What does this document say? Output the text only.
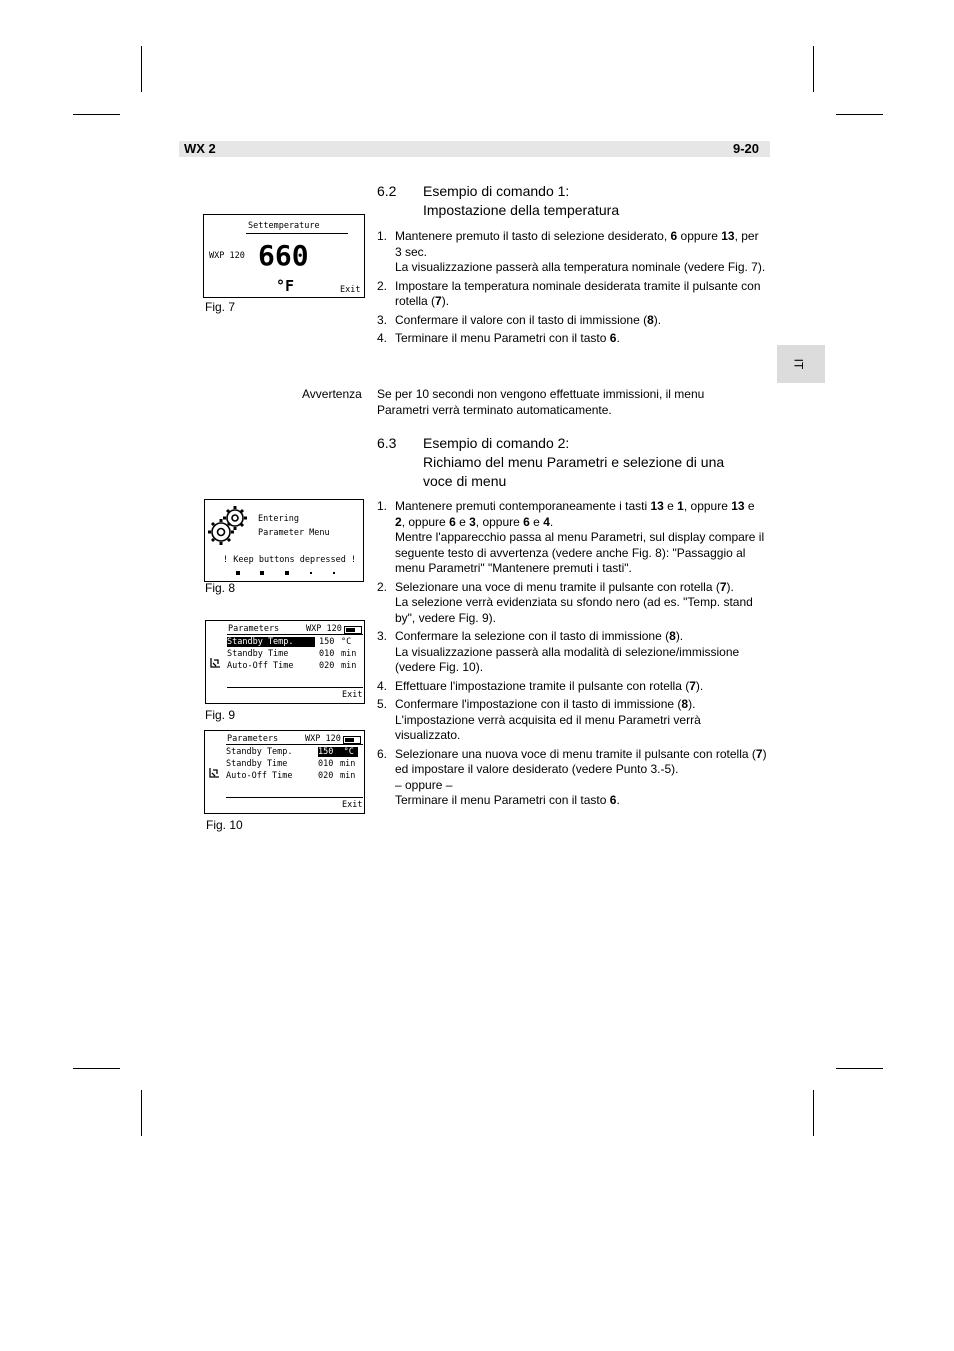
WX 2	9-20
IT
6.2 Esempio di comando 1:
Impostazione della temperatura
1. Mantenere premuto il tasto di selezione desiderato, 6 oppure 13, per 3 sec.
La visualizzazione passerà alla temperatura nominale (vedere Fig. 7).
2. Impostare la temperatura nominale desiderata tramite il pulsante con rotella (7).
3. Confermare il valore con il tasto di immissione (8).
4. Terminare il menu Parametri con il tasto 6.
Settemperature
WXP 120 660
°F	Exit
Fig. 7
Avvertenza Se per 10 secondi non vengono effettuate immissioni, il menu Parametri verrà terminato automaticamente.
6.3 Esempio di comando 2:
Richiamo del menu Parametri e selezione di una voce di menu
1. Mantenere premuti contemporaneamente i tasti 13 e 1, oppure 13 e 2, oppure 6 e 3, oppure 6 e 4.
Mentre l'apparecchio passa al menu Parametri, sul display compare il seguente testo di avvertenza (vedere anche Fig. 8): "Passaggio al menu Parametri" "Mantenere premuti i tasti".
2. Selezionare una voce di menu tramite il pulsante con rotella (7).
La selezione verrà evidenziata su sfondo nero (ad es. "Temp. stand by", vedere Fig. 9).
3. Confermare la selezione con il tasto di immissione (8).
La visualizzazione passerà alla modalità di selezione/immissione (vedere Fig. 10).
4. Effettuare l'impostazione tramite il pulsante con rotella (7).
5. Confermare l'impostazione con il tasto di immissione (8).
L'impostazione verrà acquisita ed il menu Parametri verrà visualizzato.
6. Selezionare una nuova voce di menu tramite il pulsante con rotella (7) ed impostare il valore desiderato (vedere Punto 3.-5).
– oppure –
Terminare il menu Parametri con il tasto 6.
Entering
Parameter Menu
! Keep buttons depressed !
Fig. 8
Parameters	WXP 120
Standby Temp.	150 °C
Standby Time	010 min
Auto-Off Time	020 min
Exit
Fig. 9
Parameters	WXP 120
Standby Temp.	150 °C
Standby Time	010 min
Auto-Off Time	020 min
Exit
Fig. 10
